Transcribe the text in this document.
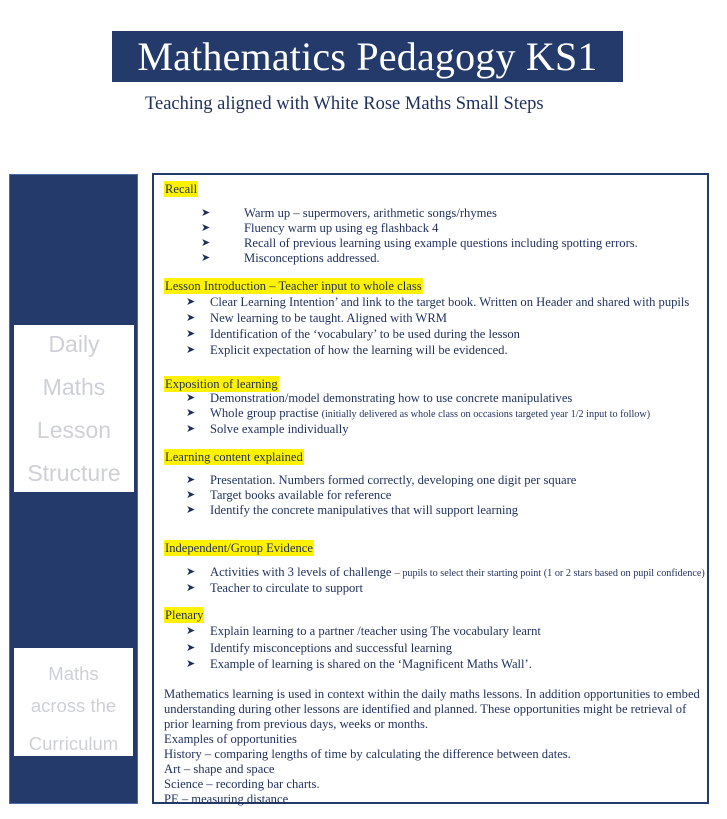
Mathematics Pedagogy KS1
Teaching aligned with White Rose Maths Small Steps
Daily
Maths
Lesson
Structure
Maths
across the
Curriculum
Recall
➤	Warm up – supermovers, arithmetic songs/rhymes
➤	Fluency warm up using eg flashback 4
➤	Recall of previous learning using example questions including spotting errors.
➤	Misconceptions addressed.
Lesson Introduction – Teacher input to whole class
➤ Clear Learning Intention’ and link to the target book. Written on Header and shared with pupils
➤ New learning to be taught. Aligned with WRM
➤ Identification of the ‘vocabulary’ to be used during the lesson
➤ Explicit expectation of how the learning will be evidenced.
Exposition of learning
➤ Demonstration/model demonstrating how to use concrete manipulatives
➤ Whole group practise (initially delivered as whole class on occasions targeted year 1/2 input to follow)
➤ Solve example individually
Learning content explained
➤ Presentation. Numbers formed correctly, developing one digit per square
➤ Target books available for reference
➤ Identify the concrete manipulatives that will support learning
Independent/Group Evidence
➤ Activities with 3 levels of challenge – pupils to select their starting point (1 or 2 stars based on pupil confidence)
➤ Teacher to circulate to support
Plenary
➤ Explain learning to a partner /teacher using The vocabulary learnt
➤ Identify misconceptions and successful learning
➤ Example of learning is shared on the ‘Magnificent Maths Wall’.
Mathematics learning is used in context within the daily maths lessons. In addition opportunities to embed
understanding during other lessons are identified and planned. These opportunities might be retrieval of
prior learning from previous days, weeks or months.
Examples of opportunities
History – comparing lengths of time by calculating the difference between dates.
Art – shape and space
Science – recording bar charts.
PE – measuring distance
